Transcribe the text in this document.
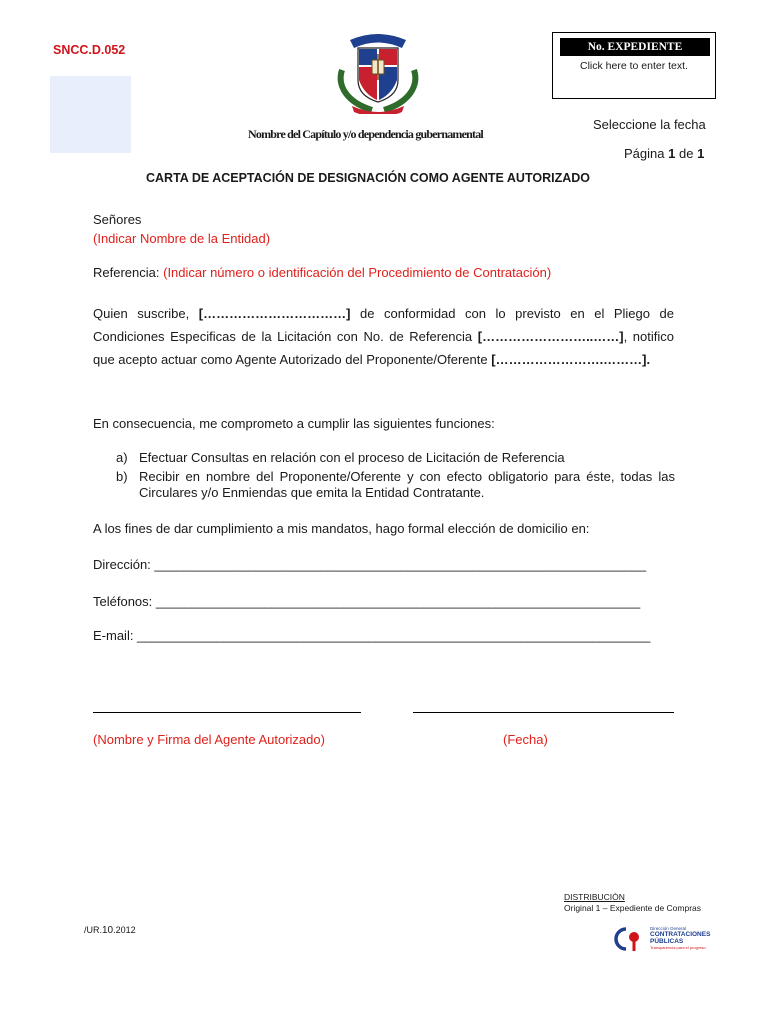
SNCC.D.052
Nombre del Capítulo y/o dependencia gubernamental
No. EXPEDIENTE
Click here to enter text.
Seleccione la fecha
Página 1 de 1
CARTA DE ACEPTACIÓN DE DESIGNACIÓN COMO AGENTE AUTORIZADO
Señores
(Indicar Nombre de la Entidad)
Referencia: (Indicar número o identificación del Procedimiento de Contratación)
Quien suscribe, [……………………………] de conformidad con lo previsto en el Pliego de Condiciones Especificas de la Licitación con No. de Referencia [……………………..……], notifico que acepto actuar como Agente Autorizado del Proponente/Oferente […………………….………].
En consecuencia, me comprometo a cumplir las siguientes funciones:
a) Efectuar Consultas en relación con el proceso de Licitación de Referencia
b) Recibir en nombre del Proponente/Oferente y con efecto obligatorio para éste, todas las Circulares y/o Enmiendas que emita la Entidad Contratante.
A los fines de dar cumplimiento a mis mandatos, hago formal elección de domicilio en:
Dirección: ____________________________________________________________________
Teléfonos: ___________________________________________________________________
E-mail: _______________________________________________________________________
(Nombre y Firma del Agente Autorizado)	(Fecha)
DISTRIBUCIÓN
Original 1 – Expediente de Compras
Dirección General
CONTRATACIONES
PÚBLICAS
Transparencia para el progreso
/UR.10.2012
